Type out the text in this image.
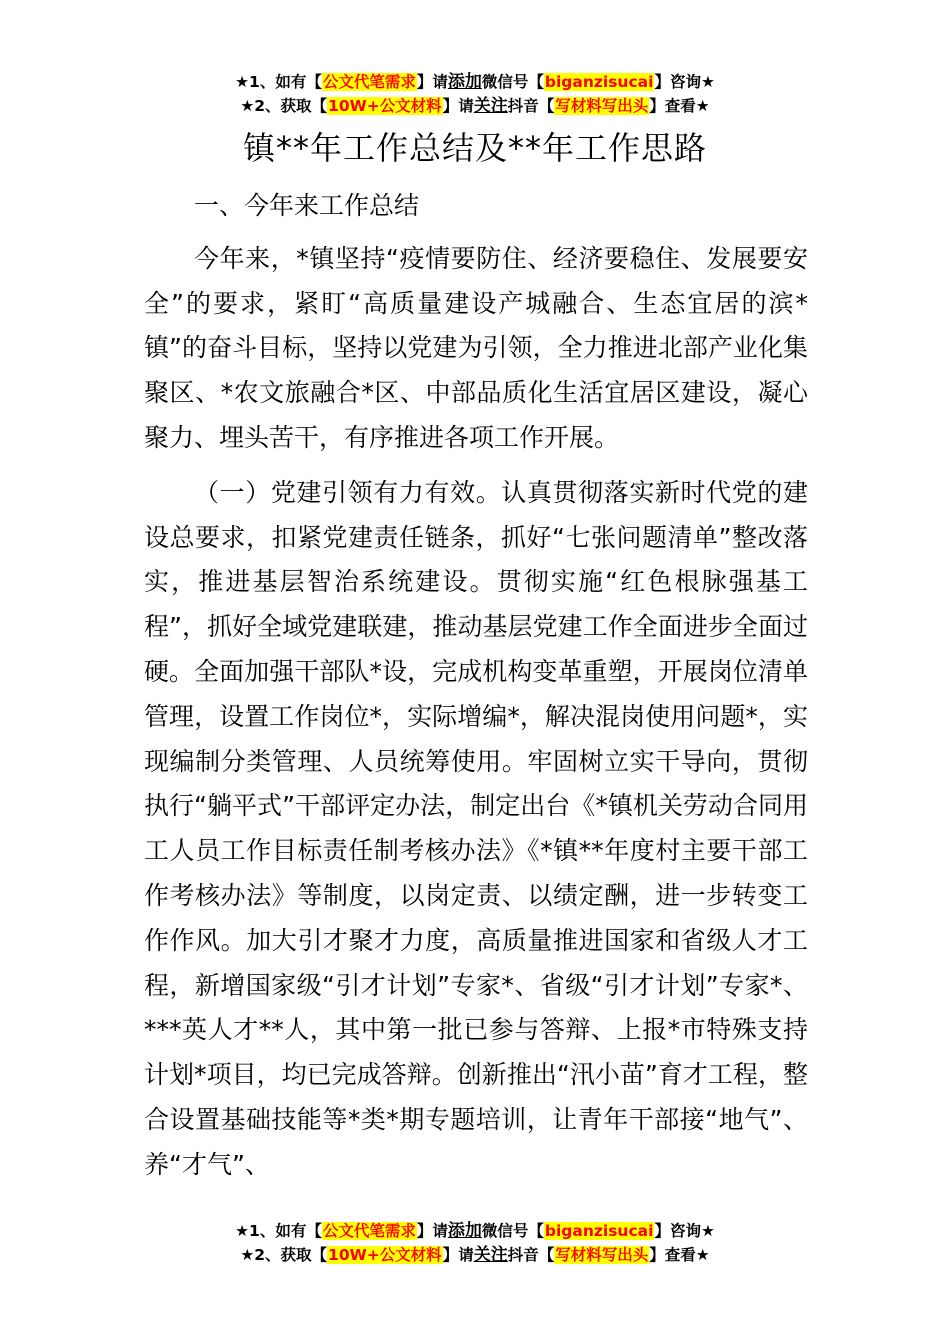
★1、如有【公文代笔需求】请添加微信号【biganzisucai】咨询★
★2、获取【10W+公文材料】请关注抖音【写材料写出头】查看★
镇**年工作总结及**年工作思路

一、今年来工作总结

今年来，*镇坚持“疫情要防住、经济要稳住、发展要安全”的要求，紧盯“高质量建设产城融合、生态宜居的滨*镇”的奋斗目标，坚持以党建为引领，全力推进北部产业化集聚区、*农文旅融合*区、中部品质化生活宜居区建设，凝心聚力、埋头苦干，有序推进各项工作开展。

（一）党建引领有力有效。认真贯彻落实新时代党的建设总要求，扣紧党建责任链条，抓好“七张问题清单”整改落实，推进基层智治系统建设。贯彻实施“红色根脉强基工程”，抓好全域党建联建，推动基层党建工作全面进步全面过硬。全面加强干部队*设，完成机构变革重塑，开展岗位清单管理，设置工作岗位*，实际增编*，解决混岗使用问题*，实现编制分类管理、人员统筹使用。牢固树立实干导向，贯彻执行“躺平式”干部评定办法，制定出台《*镇机关劳动合同用工人员工作目标责任制考核办法》《*镇**年度村主要干部工作考核办法》等制度，以岗定责、以绩定酬，进一步转变工作作风。加大引才聚才力度，高质量推进国家和省级人才工程，新增国家级“引才计划”专家*、省级“引才计划”专家*、***英人才**人，其中第一批已参与答辩、上报*市特殊支持计划*项目，均已完成答辩。创新推出“汛小苗”育才工程，整合设置基础技能等*类*期专题培训，让青年干部接“地气”、养“才气”、

★1、如有【公文代笔需求】请添加微信号【biganzisucai】咨询★
★2、获取【10W+公文材料】请关注抖音【写材料写出头】查看★
